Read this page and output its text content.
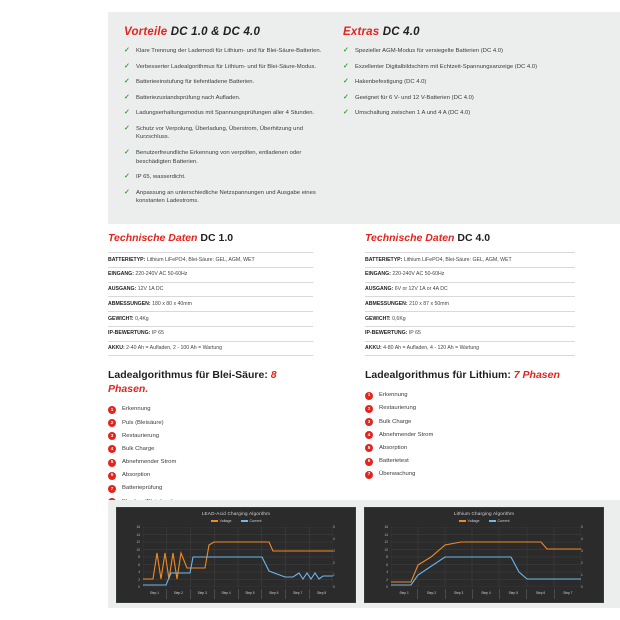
Vorteile DC 1.0 & DC 4.0
✓ Klare Trennung der Lademodi für Lithium- und für Blei-Säure-Batterien.
✓ Verbesserter Ladealgorithmus für Lithium- und für Blei-Säure-Modus.
✓ Batterieeinstufung für tiefentladene Batterien.
✓ Batteriezustandsprüfung nach Aufladen.
✓ Ladungserhaltungsmodus mit Spannungsprüfungen aller 4 Stunden.
✓ Schutz vor Verpolung, Überladung, Überstrom, Überhitzung und Kurzschluss.
✓ Benutzerfreundliche Erkennung von verpolten, entladenen oder beschädigten Batterien.
✓ IP 65, wasserdicht.
✓ Anpassung an unterschiedliche Netzspannungen und Ausgabe eines konstanten Ladestroms.
Extras DC 4.0
✓ Spezieller AGM-Modus für versiegelte Batterien (DC 4.0)
✓ Exzellenter Digitalbildschirm mit Echtzeit-Spannungsanzeige (DC 4.0)
✓ Hakenbefestigung (DC 4.0)
✓ Geeignet für 6 V- und 12 V-Batterien (DC 4.0)
✓ Umschaltung zwischen 1 A und 4 A (DC 4.0)
Technische Daten DC 1.0
BATTERIETYP: Lithium LiFePO4, Blei-Säure: GEL, AGM, WET
EINGANG: 220-240V AC 50-60Hz
AUSGANG: 12V 1A DC
ABMESSUNGEN: 180 x 80 x 40mm
GEWICHT: 0,4Kg
IP-BEWERTUNG: IP 65
AKKU: 2-40 Ah = Aufladen, 2 - 100 Ah = Wartung
Technische Daten DC 4.0
BATTERIETYP: Lithium LiFePO4, Blei-Säure: GEL, AGM, WET
EINGANG: 220-240V AC 50-60Hz
AUSGANG: 6V or 12V 1A or 4A DC
ABMESSUNGEN: 210 x 87 x 50mm
GEWICHT: 0,6Kg
IP-BEWERTUNG: IP 65
AKKU: 4-80 Ah = Aufladen, 4 - 120 Ah = Wartung
Ladealgorithmus für Blei-Säure: 8 Phasen.
1	Erkennung
2	Puls (Bleisäure)
3	Restaurierung
4	Bulk Charge
5	Abnehmender Strom
6	Absorption
7	Batterieprüfung
Ladealgorithmus für Lithium: 7 Phasen
1	Erkennung
2	Restaurierung
3	Bulk Charge
4	Abnehmender Strom
5	Absorption
6	Batterietest
7	Überwachung
LEAD-Acid Charging Algorithm
Voltage	Current
16
14
12
10
8
6
4
2
0
5
4
3
2
1
0
Step 1	Step 2	Step 3	Step 4	Step 5	Step 6	Step 7	Step 8
Lithium Charging Algorithm
Voltage	Current
16
14
12
10
8
6
4
2
0
5
4
3
2
1
0
Step 1	Step 2	Step 3	Step 4	Step 5	Step 6	Step 7
